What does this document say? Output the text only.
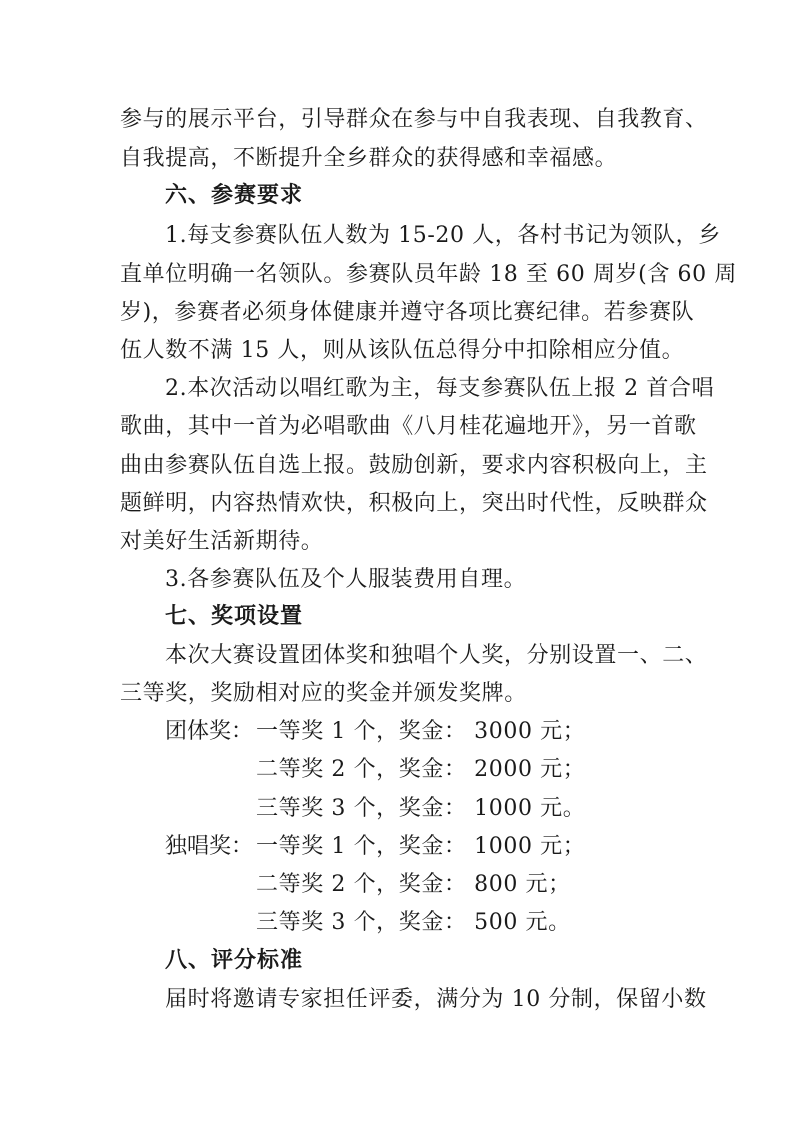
参与的展示平台，引导群众在参与中自我表现、自我教育、
自我提高，不断提升全乡群众的获得感和幸福感。
六、参赛要求
1.每支参赛队伍人数为 15-20 人，各村书记为领队，乡
直单位明确一名领队。参赛队员年龄 18 至 60 周岁(含 60 周
岁)，参赛者必须身体健康并遵守各项比赛纪律。若参赛队
伍人数不满 15 人，则从该队伍总得分中扣除相应分值。
2.本次活动以唱红歌为主，每支参赛队伍上报 2 首合唱
歌曲，其中一首为必唱歌曲《八月桂花遍地开》，另一首歌
曲由参赛队伍自选上报。鼓励创新，要求内容积极向上，主
题鲜明，内容热情欢快，积极向上，突出时代性，反映群众
对美好生活新期待。
3.各参赛队伍及个人服装费用自理。
七、奖项设置
本次大赛设置团体奖和独唱个人奖，分别设置一、二、
三等奖，奖励相对应的奖金并颁发奖牌。
团体奖： 一等奖 1 个，奖金： 3000 元；
二等奖 2 个，奖金： 2000 元；
三等奖 3 个，奖金： 1000 元。
独唱奖： 一等奖 1 个，奖金： 1000 元；
二等奖 2 个，奖金： 800 元；
三等奖 3 个，奖金： 500 元。
八、评分标准
届时将邀请专家担任评委，满分为 10 分制，保留小数
